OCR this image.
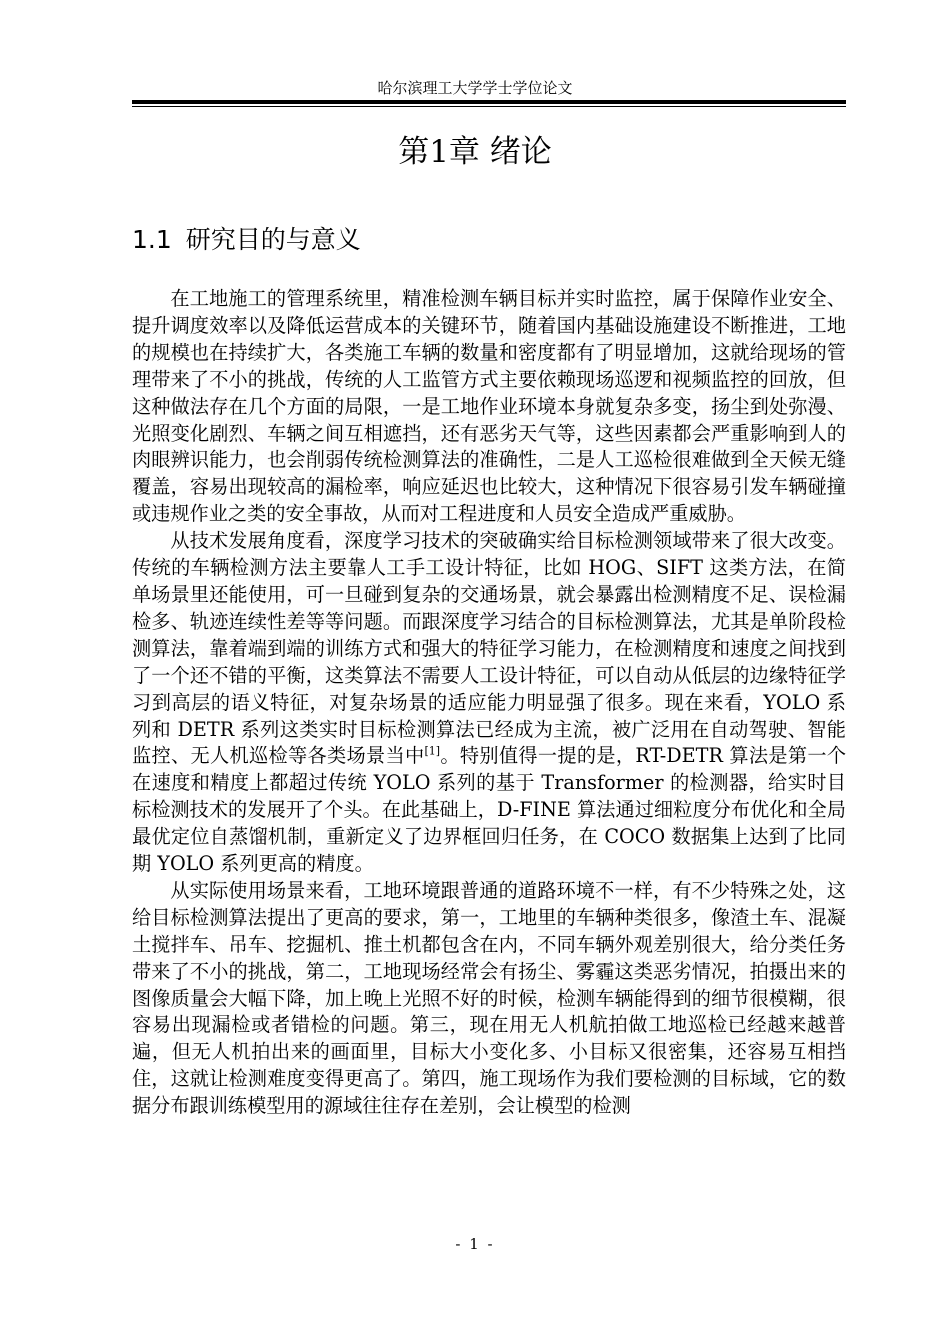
哈尔滨理工大学学士学位论文
第1章 绪论
1.1 研究目的与意义

在工地施工的管理系统里，精准检测车辆目标并实时监控，属于保障作业安全、提升调度效率以及降低运营成本的关键环节，随着国内基础设施建设不断推进，工地的规模也在持续扩大，各类施工车辆的数量和密度都有了明显增加，这就给现场的管理带来了不小的挑战，传统的人工监管方式主要依赖现场巡逻和视频监控的回放，但这种做法存在几个方面的局限，一是工地作业环境本身就复杂多变，扬尘到处弥漫、光照变化剧烈、车辆之间互相遮挡，还有恶劣天气等，这些因素都会严重影响到人的肉眼辨识能力，也会削弱传统检测算法的准确性，二是人工巡检很难做到全天候无缝覆盖，容易出现较高的漏检率，响应延迟也比较大，这种情况下很容易引发车辆碰撞或违规作业之类的安全事故，从而对工程进度和人员安全造成严重威胁。

从技术发展角度看，深度学习技术的突破确实给目标检测领域带来了很大改变。传统的车辆检测方法主要靠人工手工设计特征，比如 HOG、SIFT 这类方法，在简单场景里还能使用，可一旦碰到复杂的交通场景，就会暴露出检测精度不足、误检漏检多、轨迹连续性差等等问题。而跟深度学习结合的目标检测算法，尤其是单阶段检测算法，靠着端到端的训练方式和强大的特征学习能力，在检测精度和速度之间找到了一个还不错的平衡，这类算法不需要人工设计特征，可以自动从低层的边缘特征学习到高层的语义特征，对复杂场景的适应能力明显强了很多。现在来看，YOLO 系列和 DETR 系列这类实时目标检测算法已经成为主流，被广泛用在自动驾驶、智能监控、无人机巡检等各类场景当中[1]。特别值得一提的是，RT-DETR 算法是第一个在速度和精度上都超过传统 YOLO 系列的基于 Transformer 的检测器，给实时目标检测技术的发展开了个头。在此基础上，D-FINE 算法通过细粒度分布优化和全局最优定位自蒸馏机制，重新定义了边界框回归任务，在 COCO 数据集上达到了比同期 YOLO 系列更高的精度。

从实际使用场景来看，工地环境跟普通的道路环境不一样，有不少特殊之处，这给目标检测算法提出了更高的要求，第一，工地里的车辆种类很多，像渣土车、混凝土搅拌车、吊车、挖掘机、推土机都包含在内，不同车辆外观差别很大，给分类任务带来了不小的挑战，第二，工地现场经常会有扬尘、雾霾这类恶劣情况，拍摄出来的图像质量会大幅下降，加上晚上光照不好的时候，检测车辆能得到的细节很模糊，很容易出现漏检或者错检的问题。第三，现在用无人机航拍做工地巡检已经越来越普遍，但无人机拍出来的画面里，目标大小变化多、小目标又很密集，还容易互相挡住，这就让检测难度变得更高了。第四，施工现场作为我们要检测的目标域，它的数据分布跟训练模型用的源域往往存在差别，会让模型的检测

- 1 -
